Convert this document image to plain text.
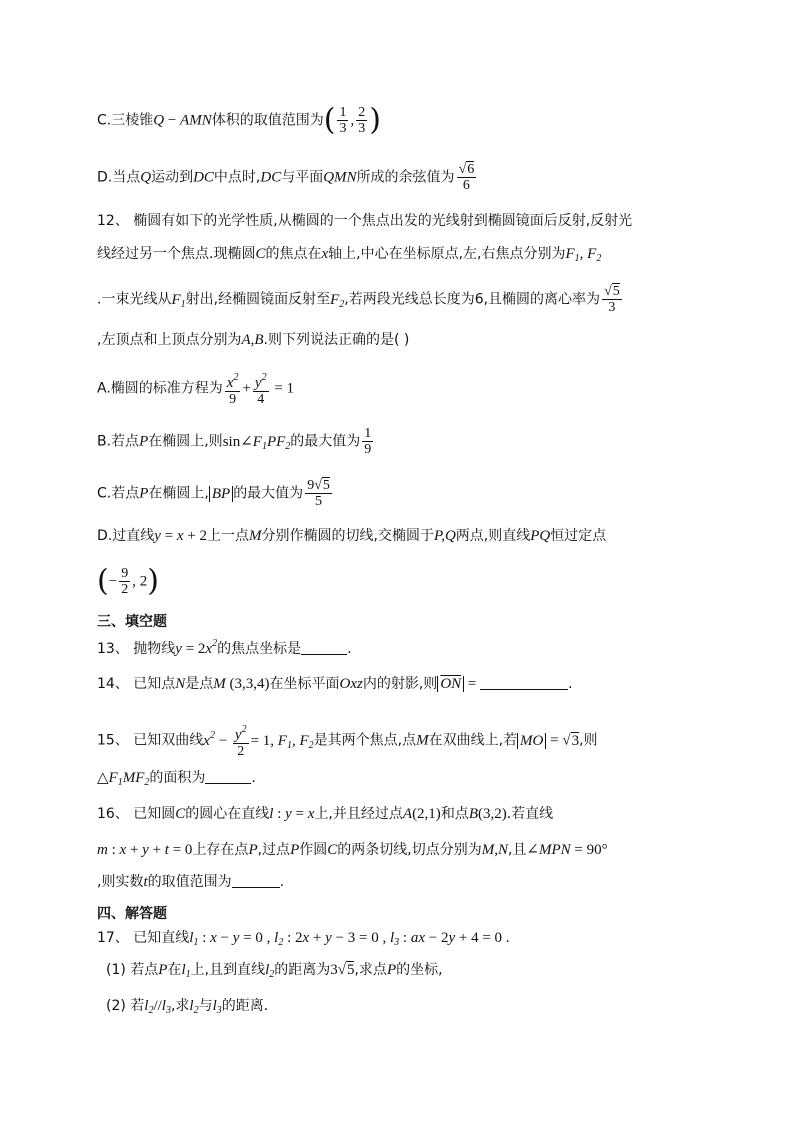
C.三棱锥Q − AMN体积的取值范围为( $\frac{1}{3}$ , $\frac{2}{3}$ )
D.当点Q运动到DC中点时,DC与平面QMN所成的余弦值为 $\frac{√6}{6}$
12、 椭圆有如下的光学性质,从椭圆的一个焦点出发的光线射到椭圆镜面后反射,反射光
线经过另一个焦点.现椭圆C的焦点在x轴上,中心在坐标原点,左,右焦点分别为$F_1$, $F_2$
.一束光线从$F_1$射出,经椭圆镜面反射至$F_2$,若两段光线总长度为6,且椭圆的离心率为 $\frac{√5}{3}$
,左顶点和上顶点分别为A,B.则下列说法正确的是( )
A.椭圆的标准方程为 $\frac{x^2}{9} + \frac{y^2}{4} = 1$
B.若点P在椭圆上,则$\sin\angle F_1PF_2$的最大值为 $\frac{1}{9}$
C.若点P在椭圆上, BP 的最大值为 $\frac{9√5}{5}$
D.过直线y = x + 2上一点M分别作椭圆的切线,交椭圆于P,Q两点,则直线PQ恒过定点
(− $\frac{9}{2}$ , 2)
三、填空题
13、 抛物线$y = 2x^2$的焦点坐标是	.
14、 已知点N是点M (3,3,4)在坐标平面Oxz内的射影,则 $\overline{ON}$ =	.
15、 已知双曲线$x^2 - \frac{y^2}{2} = 1$, $F_1$, $F_2$是其两个焦点,点M在双曲线上,若 MO = √3,则
$\triangle F_1MF_2$的面积为	.
16、 已知圆C的圆心在直线l : y = x上,并且经过点A(2,1)和点B(3,2).若直线
m : x + y + t = 0上存在点P,过点P作圆C的两条切线,切点分别为M,N,且∠MPN = 90°
,则实数t的取值范围为	.
四、解答题
17、 已知直线$l_1$ : x − y = 0 , $l_2$ : 2x + y − 3 = 0 , $l_3$ : ax − 2y + 4 = 0 .
(1) 若点P在$l_1$上,且到直线$l_2$的距离为3√5,求点P的坐标,
(2) 若$l_2//l_3$,求$l_2$与$l_3$的距离.
